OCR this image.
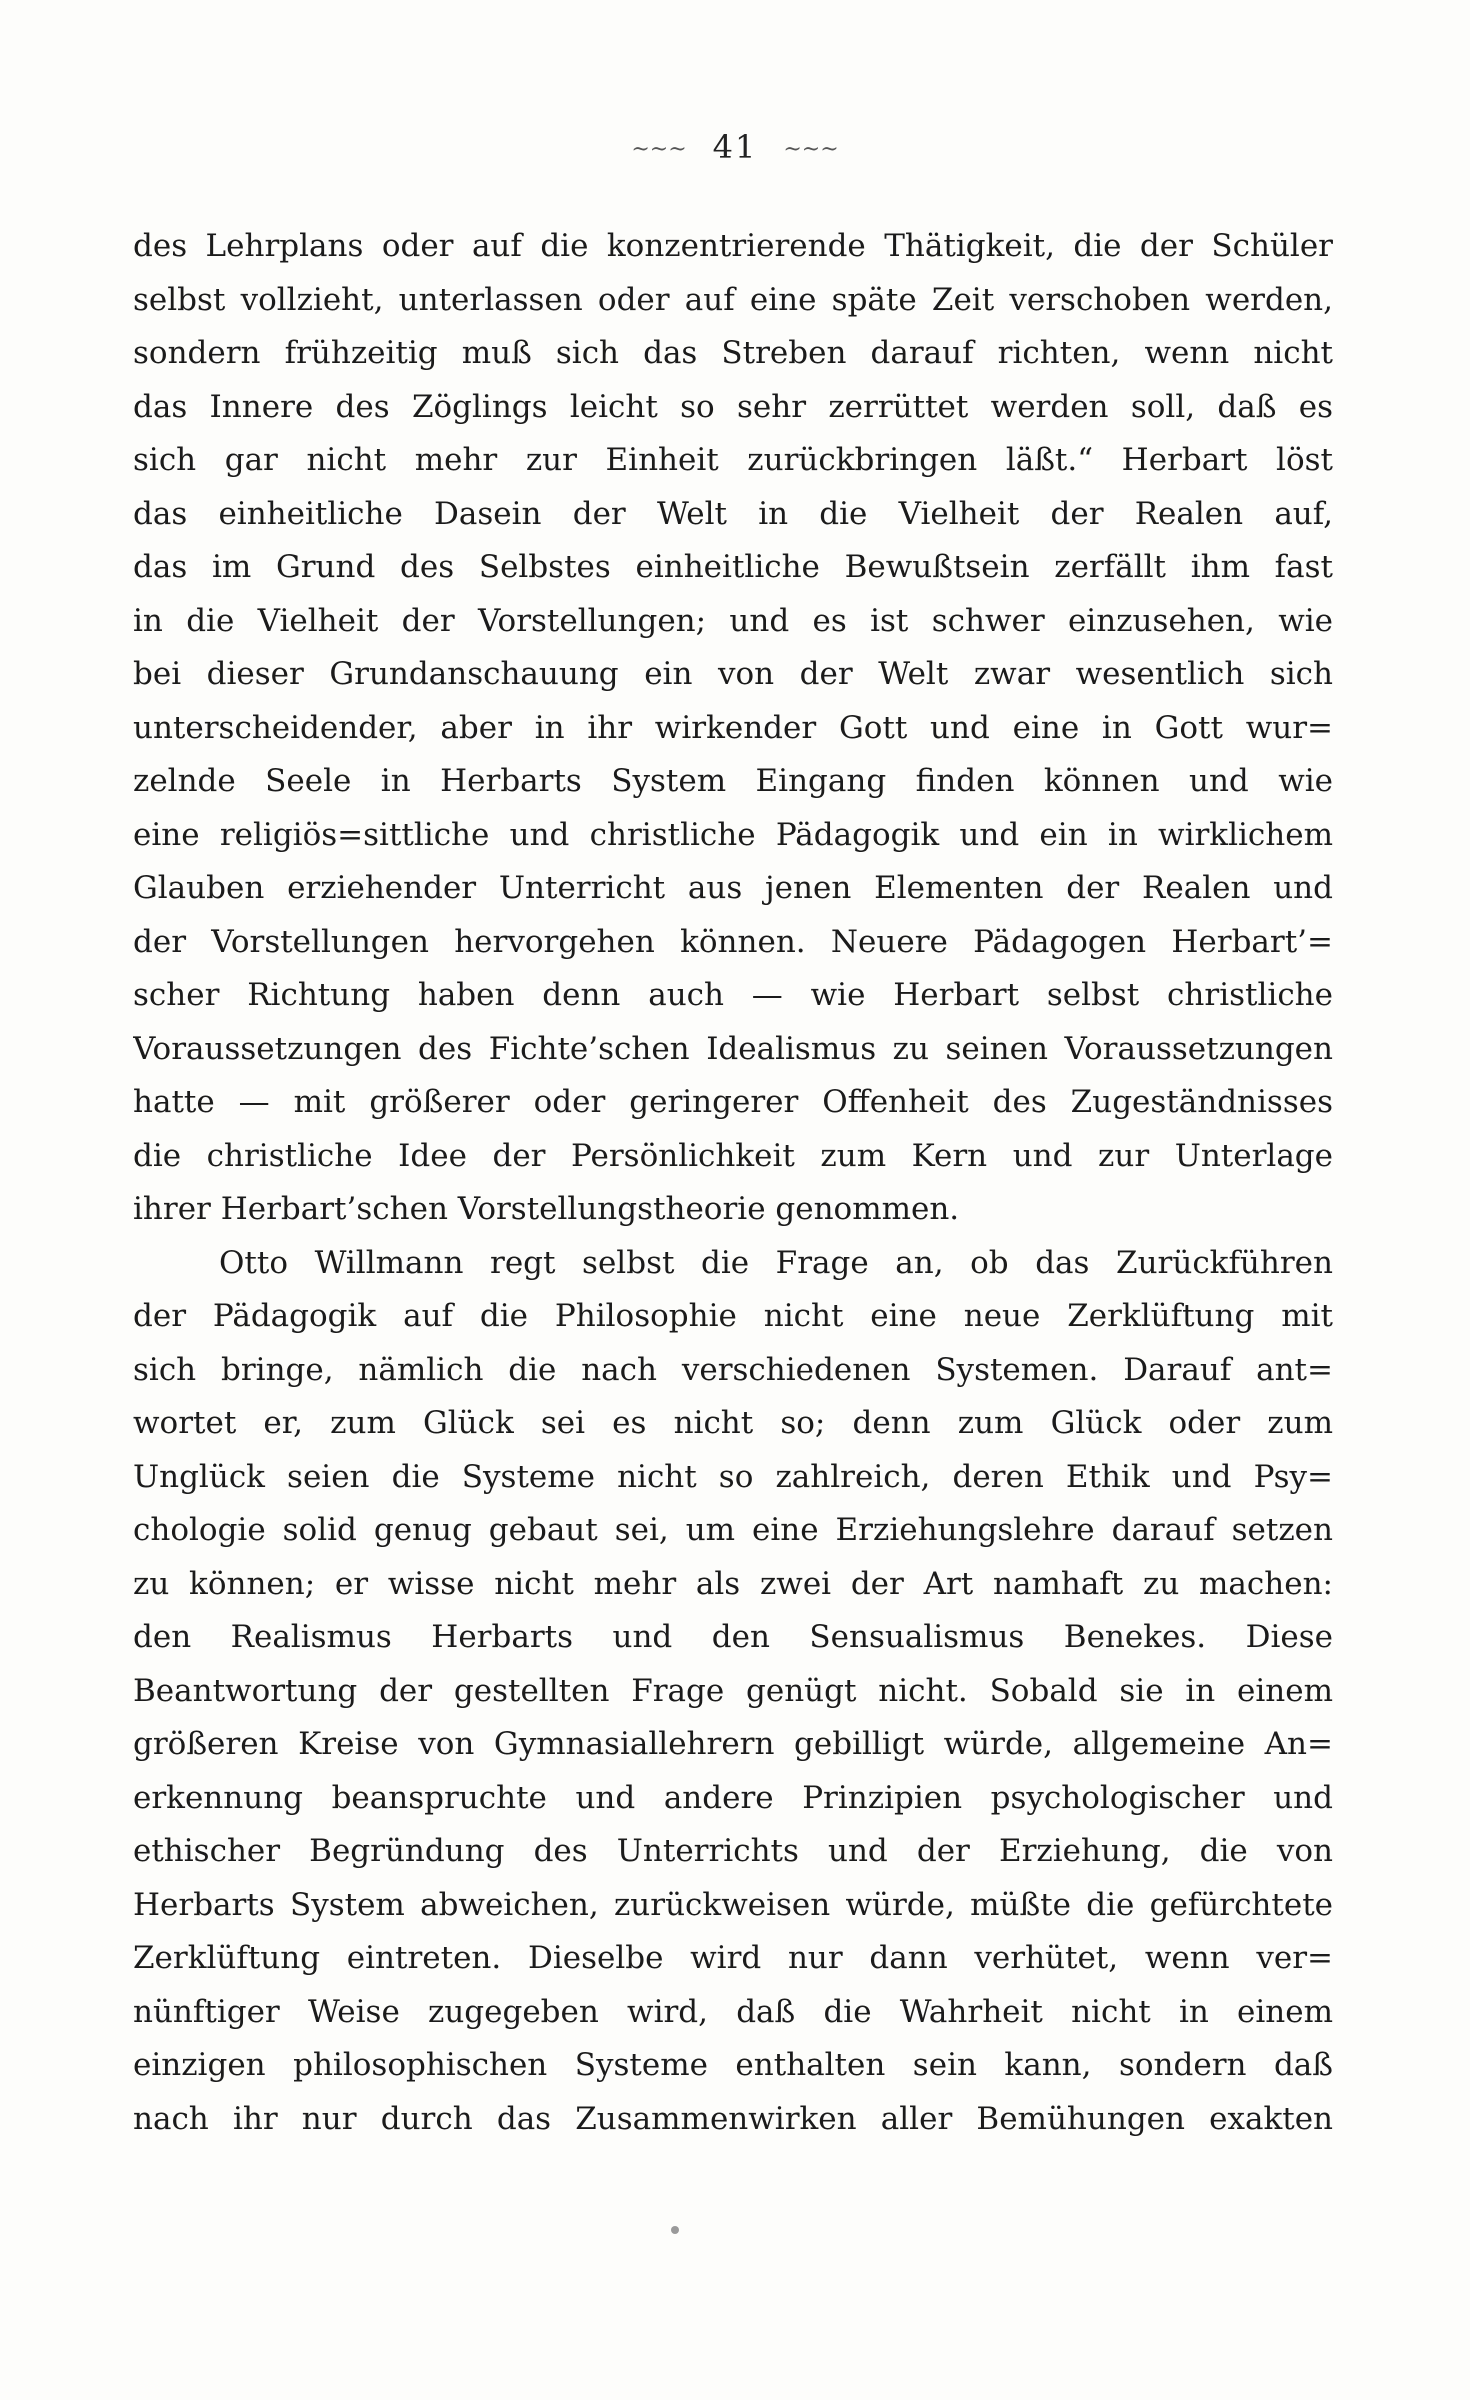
~~~ 41 ~~~
des Lehrplans oder auf die konzentrierende Thätigkeit, die der Schüler
selbst vollzieht, unterlassen oder auf eine späte Zeit verschoben werden,
sondern frühzeitig muß sich das Streben darauf richten, wenn nicht
das Innere des Zöglings leicht so sehr zerrüttet werden soll, daß es
sich gar nicht mehr zur Einheit zurückbringen läßt.“ Herbart löst
das einheitliche Dasein der Welt in die Vielheit der Realen auf,
das im Grund des Selbstes einheitliche Bewußtsein zerfällt ihm fast
in die Vielheit der Vorstellungen; und es ist schwer einzusehen, wie
bei dieser Grundanschauung ein von der Welt zwar wesentlich sich
unterscheidender, aber in ihr wirkender Gott und eine in Gott wur=
zelnde Seele in Herbarts System Eingang finden können und wie
eine religiös=sittliche und christliche Pädagogik und ein in wirklichem
Glauben erziehender Unterricht aus jenen Elementen der Realen und
der Vorstellungen hervorgehen können. Neuere Pädagogen Herbart’=
scher Richtung haben denn auch — wie Herbart selbst christliche
Voraussetzungen des Fichte’schen Idealismus zu seinen Voraussetzungen
hatte — mit größerer oder geringerer Offenheit des Zugeständnisses
die christliche Idee der Persönlichkeit zum Kern und zur Unterlage
ihrer Herbart’schen Vorstellungstheorie genommen.
Otto Willmann regt selbst die Frage an, ob das Zurückführen
der Pädagogik auf die Philosophie nicht eine neue Zerklüftung mit
sich bringe, nämlich die nach verschiedenen Systemen. Darauf ant=
wortet er, zum Glück sei es nicht so; denn zum Glück oder zum
Unglück seien die Systeme nicht so zahlreich, deren Ethik und Psy=
chologie solid genug gebaut sei, um eine Erziehungslehre darauf setzen
zu können; er wisse nicht mehr als zwei der Art namhaft zu machen:
den Realismus Herbarts und den Sensualismus Benekes. Diese
Beantwortung der gestellten Frage genügt nicht. Sobald sie in einem
größeren Kreise von Gymnasiallehrern gebilligt würde, allgemeine An=
erkennung beanspruchte und andere Prinzipien psychologischer und
ethischer Begründung des Unterrichts und der Erziehung, die von
Herbarts System abweichen, zurückweisen würde, müßte die gefürchtete
Zerklüftung eintreten. Dieselbe wird nur dann verhütet, wenn ver=
nünftiger Weise zugegeben wird, daß die Wahrheit nicht in einem
einzigen philosophischen Systeme enthalten sein kann, sondern daß
nach ihr nur durch das Zusammenwirken aller Bemühungen exakten
